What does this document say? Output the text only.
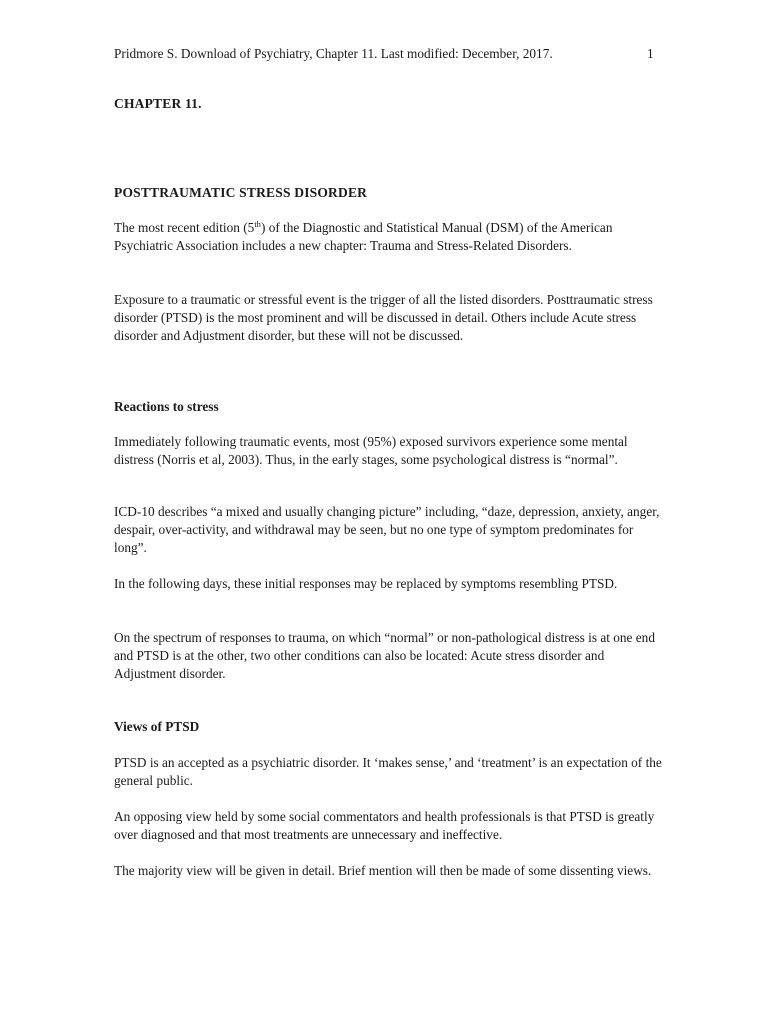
Pridmore S. Download of Psychiatry, Chapter 11. Last modified: December, 2017.	1
CHAPTER 11.
POSTTRAUMATIC STRESS DISORDER

The most recent edition (5th) of the Diagnostic and Statistical Manual (DSM) of the American Psychiatric Association includes a new chapter: Trauma and Stress-Related Disorders.

Exposure to a traumatic or stressful event is the trigger of all the listed disorders. Posttraumatic stress disorder (PTSD) is the most prominent and will be discussed in detail. Others include Acute stress disorder and Adjustment disorder, but these will not be discussed.

Reactions to stress

Immediately following traumatic events, most (95%) exposed survivors experience some mental distress (Norris et al, 2003). Thus, in the early stages, some psychological distress is “normal”.

ICD-10 describes “a mixed and usually changing picture” including, “daze, depression, anxiety, anger, despair, over-activity, and withdrawal may be seen, but no one type of symptom predominates for long”.

In the following days, these initial responses may be replaced by symptoms resembling PTSD.

On the spectrum of responses to trauma, on which “normal” or non-pathological distress is at one end and PTSD is at the other, two other conditions can also be located: Acute stress disorder and Adjustment disorder.

Views of PTSD

PTSD is an accepted as a psychiatric disorder. It ‘makes sense,’ and ‘treatment’ is an expectation of the general public.

An opposing view held by some social commentators and health professionals is that PTSD is greatly over diagnosed and that most treatments are unnecessary and ineffective.

The majority view will be given in detail. Brief mention will then be made of some dissenting views.
